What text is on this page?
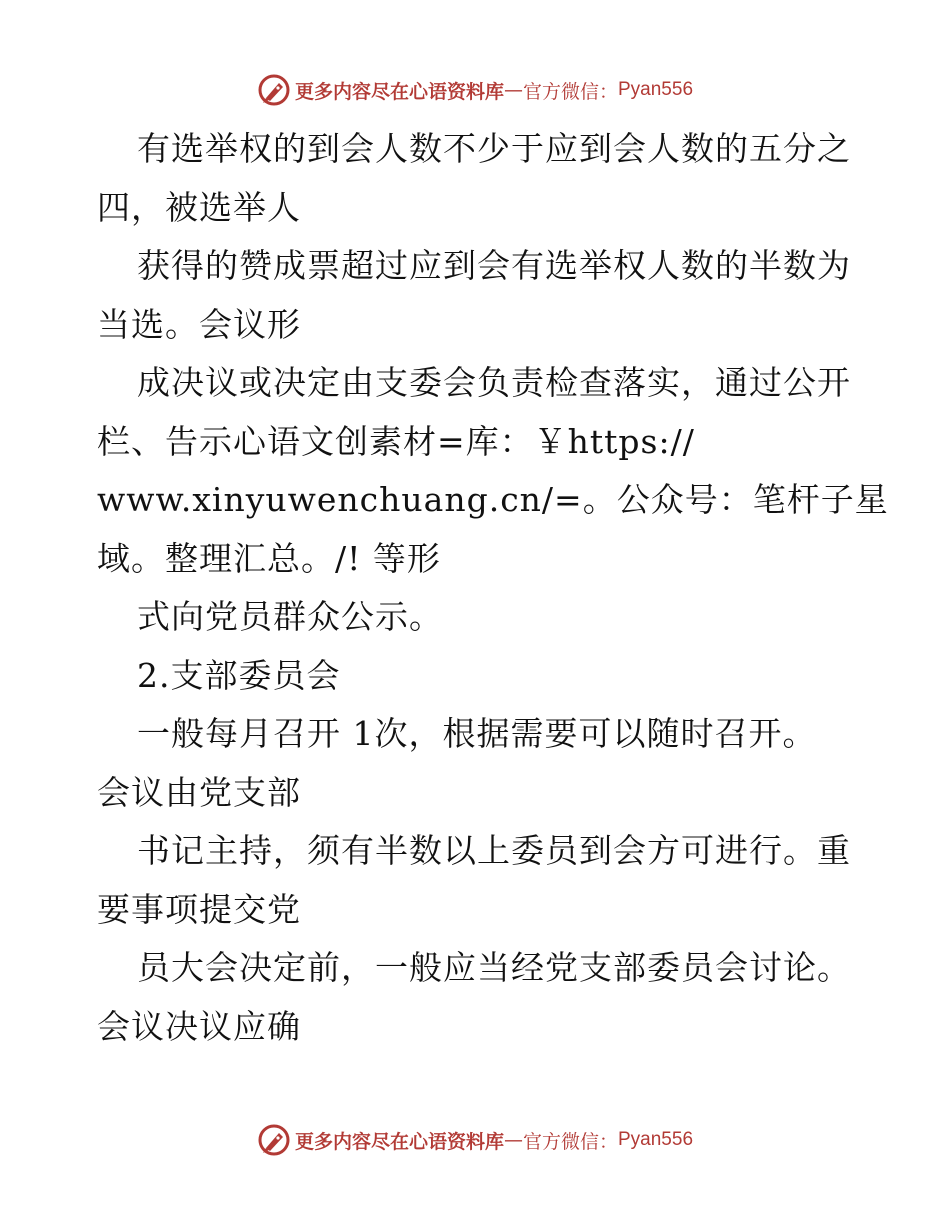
更多内容尽在心语资料库 — 官方微信： Pyan556
有选举权的到会人数不少于应到会人数的五分之
四，被选举人
获得的赞成票超过应到会有选举权人数的半数为
当选。会议形
成决议或决定由支委会负责检查落实，通过公开
栏、告示心语文创素材=库：￥https://
www.xinyuwenchuang.cn/=。公众号：笔杆子星
域。整理汇总。/! 等形
式向党员群众公示。
2.支部委员会
一般每月召开 1次，根据需要可以随时召开。
会议由党支部
书记主持，须有半数以上委员到会方可进行。重
要事项提交党
员大会决定前，一般应当经党支部委员会讨论。
会议决议应确
更多内容尽在心语资料库 — 官方微信： Pyan556
